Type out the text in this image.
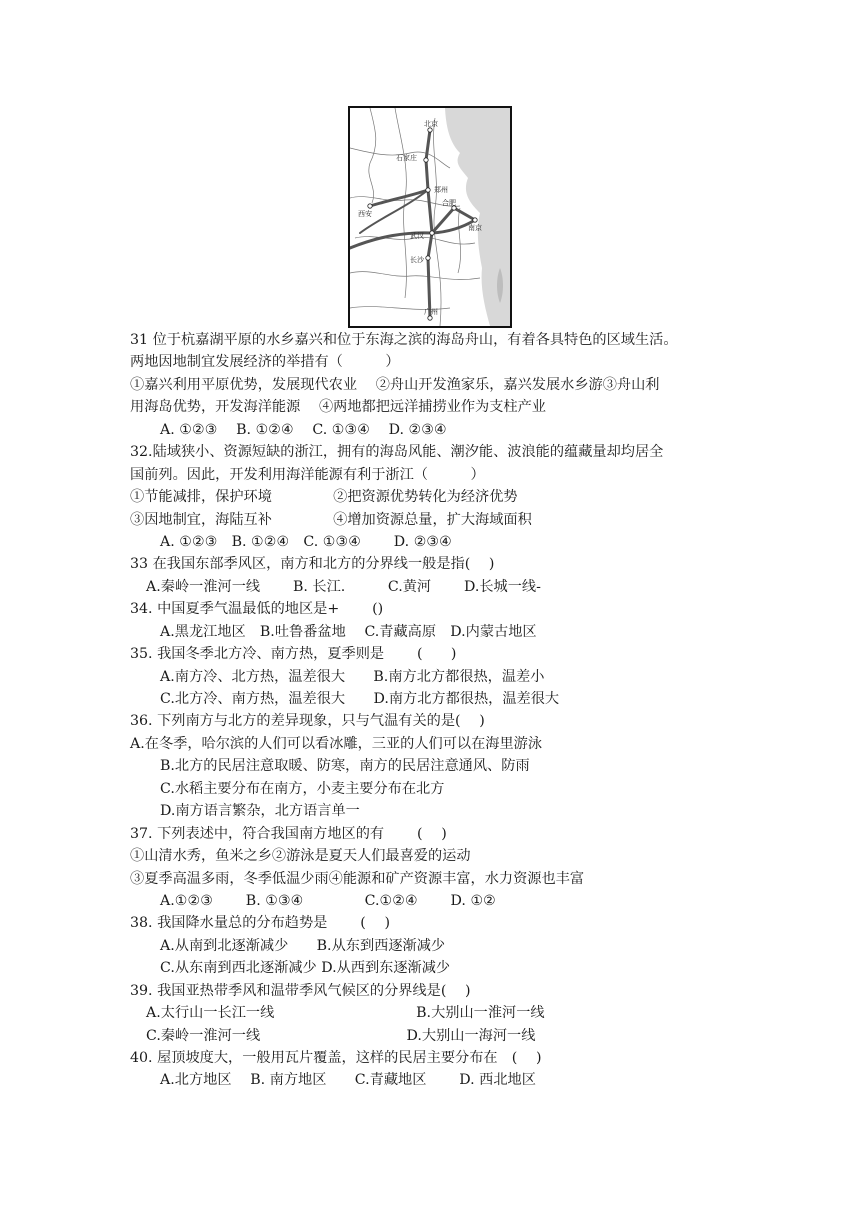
北京
石家庄
郑州
西安
合肥
南京
武汉
长沙
广州
31 位于杭嘉湖平原的水乡嘉兴和位于东海之滨的海岛舟山，有着各具特色的区域生活。
两地因地制宜发展经济的举措有（　　　）
①嘉兴利用平原优势，发展现代农业　 ②舟山开发渔家乐，嘉兴发展水乡游③舟山利
用海岛优势，开发海洋能源　 ④两地都把远洋捕捞业作为支柱产业
A. ①②③　 B. ①②④　 C. ①③④　 D. ②③④
32.陆域狭小、资源短缺的浙江，拥有的海岛风能、潮汐能、波浪能的蕴藏量却均居全
国前列。因此，开发利用海洋能源有利于浙江（　　　）
①节能减排，保护环境　　　　 ②把资源优势转化为经济优势
③因地制宜，海陆互补　　　　 ④增加资源总量，扩大海域面积
A. ①②③　B. ①②④　C. ①③④　　 D. ②③④
33 在我国东部季风区，南方和北方的分界线一般是指(　 )
A.秦岭一淮河一线　　 B. 长江.　　　C.黄河　　 D.长城一线-
34. 中国夏季气温最低的地区是+　　 ()
A.黑龙江地区　B.吐鲁番盆地　 C.青藏高原　D.内蒙古地区
35. 我国冬季北方冷、南方热，夏季则是　　 (　　)
A.南方冷、北方热，温差很大　　B.南方北方都很热，温差小
C.北方冷、南方热，温差很大　　D.南方北方都很热，温差很大
36. 下列南方与北方的差异现象，只与气温有关的是(　 )
A.在冬季，哈尔滨的人们可以看冰雕，三亚的人们可以在海里游泳
B.北方的民居注意取暖、防寒，南方的民居注意通风、防雨
C.水稻主要分布在南方，小麦主要分布在北方
D.南方语言繁杂，北方语言单一
37. 下列表述中，符合我国南方地区的有　　 (　 )
①山清水秀，鱼米之乡②游泳是夏天人们最喜爱的运动
③夏季高温多雨，冬季低温少雨④能源和矿产资源丰富，水力资源也丰富
A.①②③　　 B. ①③④　　　　 C.①②④　　 D. ①②
38. 我国降水量总的分布趋势是　　 (　 )
A.从南到北逐渐减少　　B.从东到西逐渐减少
C.从东南到西北逐渐减少 D.从西到东逐渐减少
39. 我国亚热带季风和温带季风气候区的分界线是(　 )
A.太行山一长江一线　　　　　　　　　　B.大别山一淮河一线
C.秦岭一淮河一线　　　　　　　　　　 D.大别山一海河一线
40. 屋顶坡度大，一般用瓦片覆盖，这样的民居主要分布在　(　 )
A.北方地区　 B. 南方地区　　C.青藏地区　　 D. 西北地区
